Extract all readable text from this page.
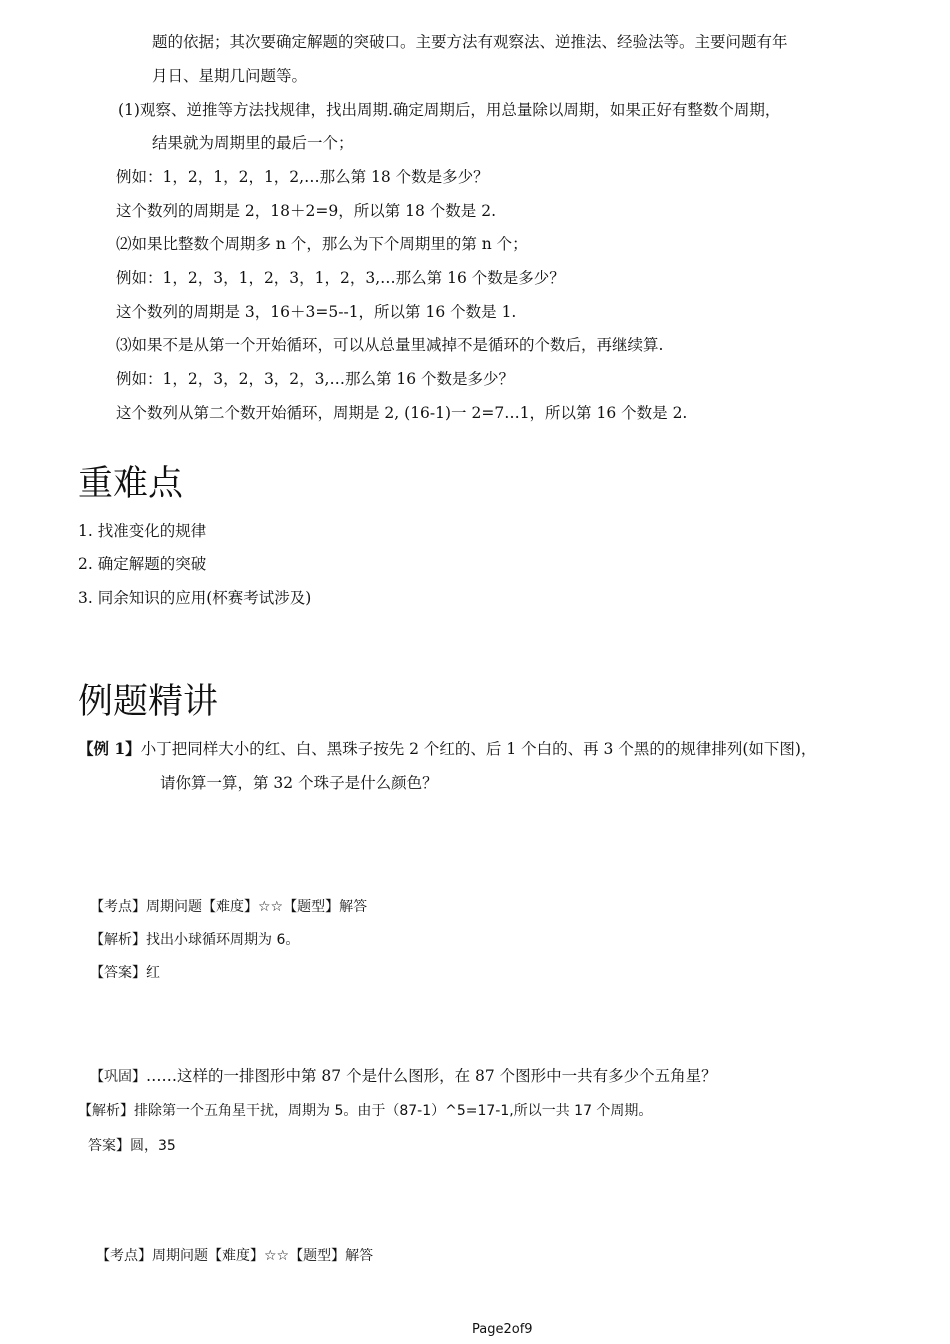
题的依据；其次要确定解题的突破口。主要方法有观察法、逆推法、经验法等。主要问题有年
月日、星期几问题等。
(1)观察、逆推等方法找规律，找出周期.确定周期后，用总量除以周期，如果正好有整数个周期，
结果就为周期里的最后一个；
例如：1，2，1，2，1，2,…那么第 18 个数是多少？
这个数列的周期是 2，18＋2=9，所以第 18 个数是 2.
⑵如果比整数个周期多 n 个，那么为下个周期里的第 n 个；
例如：1，2，3，1，2，3，1，2，3,…那么第 16 个数是多少？
这个数列的周期是 3，16＋3=5--1，所以第 16 个数是 1.
⑶如果不是从第一个开始循环，可以从总量里减掉不是循环的个数后，再继续算.
例如：1，2，3，2，3，2，3,…那么第 16 个数是多少？
这个数列从第二个数开始循环，周期是 2, (16-1)一 2=7…1，所以第 16 个数是 2.
重难点
1. 找准变化的规律
2. 确定解题的突破
3. 同余知识的应用(杯赛考试涉及)
例题精讲
【例 1】小丁把同样大小的红、白、黑珠子按先 2 个红的、后 1 个白的、再 3 个黑的的规律排列(如下图)，
请你算一算，第 32 个珠子是什么颜色？
【考点】周期问题【难度】☆☆【题型】解答
【解析】找出小球循环周期为 6。
【答案】红
【巩固】……这样的一排图形中第 87 个是什么图形，在 87 个图形中一共有多少个五角星？
【解析】排除第一个五角星干扰，周期为 5。由于（87-1）^5=17-1,所以一共 17 个周期。
答案】圆，35
【考点】周期问题【难度】☆☆【题型】解答
Page2of9
